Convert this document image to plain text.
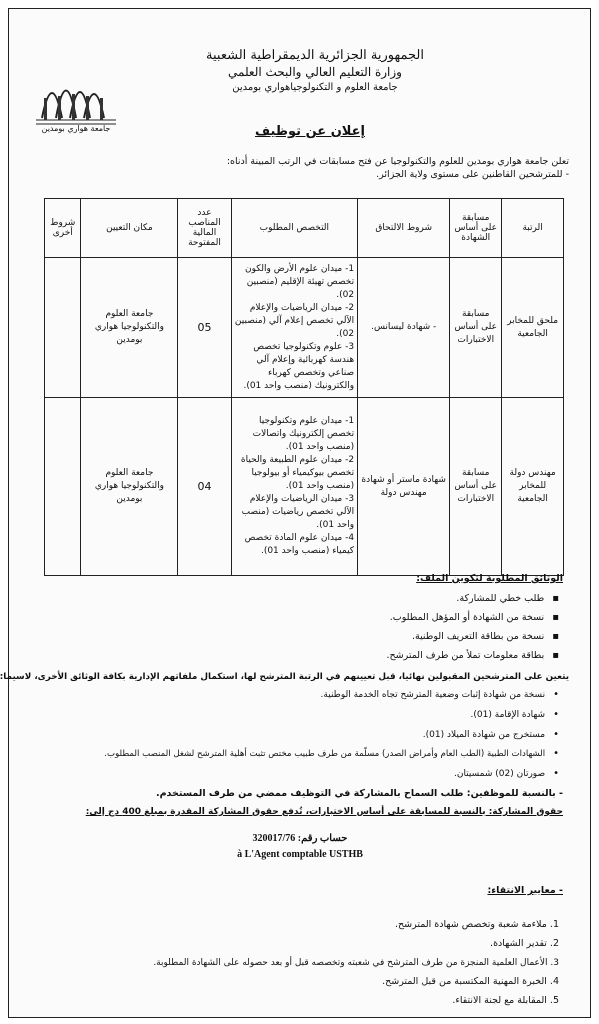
جامعة هواري بومدين
الجمهورية الجزائرية الديمقراطية الشعبية
وزارة التعليم العالي والبحث العلمي
جامعة العلوم و التكنولوجياهواري بومدين
إعلان عن توظيف
تعلن جامعة هواري بومدين للعلوم والتكنولوجيا عن فتح مسابقات في الرتب المبينة أدناه:
- للمترشحين القاطنين على مستوى ولاية الجزائر.
الرتبة	مسابقة على أساس الشهادة	شروط الالتحاق	التخصص المطلوب	عدد المناصب المالية المفتوحة	مكان التعيين	شروط أخرى
ملحق للمخابر الجامعية	مسابقة على أساس الاختبارات	- شهادة ليسانس.	1- ميدان علوم الأرض والكون تخصص تهيئة الإقليم (منصبين 02).
2- ميدان الرياضيات والإعلام الآلي تخصص إعلام آلي (منصبين 02).
3- علوم وتكنولوجيا تخصص هندسة كهربائية وإعلام آلي صناعي وتخصص كهرباء والكترونيك (منصب واحد 01).	05	جامعة العلوم والتكنولوجيا هواري بومدين	
مهندس دولة للمخابر الجامعية	مسابقة على أساس الاختبارات	شهادة ماستر أو شهادة مهندس دولة	1- ميدان علوم وتكنولوجيا تخصص إلكترونيك واتصالات (منصب واحد 01).
2- ميدان علوم الطبيعة والحياة تخصص بيوكيمياء أو بيولوجيا (منصب واحد 01).
3- ميدان الرياضيات والإعلام الآلي تخصص رياضيات (منصب واحد 01).
4- ميدان علوم المادة تخصص كيمياء (منصب واحد 01).	04	جامعة العلوم والتكنولوجيا هواري بومدين	
الوثائق المطلوبة لتكوين الملف:
▪طلب خطي للمشاركة.
▪نسخة من الشهادة أو المؤهل المطلوب.
▪نسخة من بطاقة التعريف الوطنية.
▪بطاقة معلومات تملأ من طرف المترشح.
يتعين على المترشحين المقبولين نهائيا، قبل تعيينهم في الرتبة المترشح لها، استكمال ملفاتهم الإدارية بكافة الوثائق الأخرى، لاسيما:
•نسخة من شهادة إثبات وضعية المترشح تجاه الخدمة الوطنية.
•شهادة الإقامة (01).
•مستخرج من شهادة الميلاد (01).
•الشهادات الطبية (الطب العام وأمراض الصدر) مسلّمة من طرف طبيب مختص تثبت أهلية المترشح لشغل المنصب المطلوب.
•صورتان (02) شمسيتان.
- بالنسبة للموظفين: طلب السماح بالمشاركة في التوظيف ممضي من طرف المستخدم.
حقوق المشاركة: بالنسبة للمسابقة على أساس الاختبارات، تُدفع حقوق المشاركة المقدرة بمبلغ 400 دج إلى:
حساب رقم: 320017/76
à L'Agent comptable USTHB
- معايير الانتقاء:
1. ملاءمة شعبة وتخصص شهادة المترشح.
2. تقدير الشهادة.
3. الأعمال العلمية المنجزة من طرف المترشح في شعبته وتخصصه قبل أو بعد حصوله على الشهادة المطلوبة.
4. الخبرة المهنية المكتسبة من قبل المترشح.
5. المقابلة مع لجنة الانتقاء.
